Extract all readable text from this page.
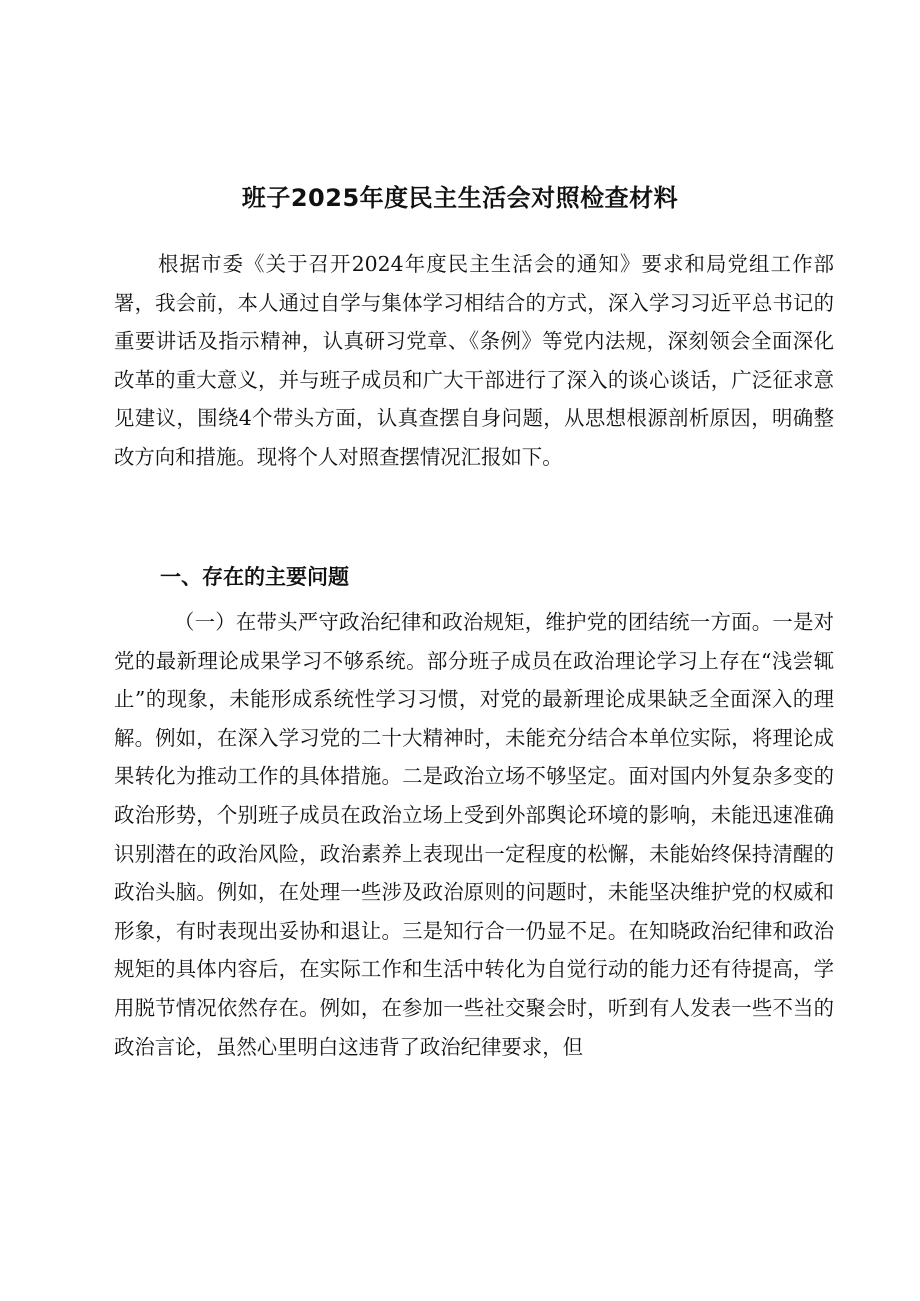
班子2025年度民主生活会对照检查材料

根据市委《关于召开2024年度民主生活会的通知》要求和局党组工作部署，我会前，本人通过自学与集体学习相结合的方式，深入学习习近平总书记的重要讲话及指示精神，认真研习党章、《条例》等党内法规，深刻领会全面深化改革的重大意义，并与班子成员和广大干部进行了深入的谈心谈话，广泛征求意见建议，围绕4个带头方面，认真查摆自身问题，从思想根源剖析原因，明确整改方向和措施。现将个人对照查摆情况汇报如下。

一、存在的主要问题

（一）在带头严守政治纪律和政治规矩，维护党的团结统一方面。一是对党的最新理论成果学习不够系统。部分班子成员在政治理论学习上存在“浅尝辄止”的现象，未能形成系统性学习习惯，对党的最新理论成果缺乏全面深入的理解。例如，在深入学习党的二十大精神时，未能充分结合本单位实际，将理论成果转化为推动工作的具体措施。二是政治立场不够坚定。面对国内外复杂多变的政治形势，个别班子成员在政治立场上受到外部舆论环境的影响，未能迅速准确识别潜在的政治风险，政治素养上表现出一定程度的松懈，未能始终保持清醒的政治头脑。例如，在处理一些涉及政治原则的问题时，未能坚决维护党的权威和形象，有时表现出妥协和退让。三是知行合一仍显不足。在知晓政治纪律和政治规矩的具体内容后，在实际工作和生活中转化为自觉行动的能力还有待提高，学用脱节情况依然存在。例如，在参加一些社交聚会时，听到有人发表一些不当的政治言论，虽然心里明白这违背了政治纪律要求，但
